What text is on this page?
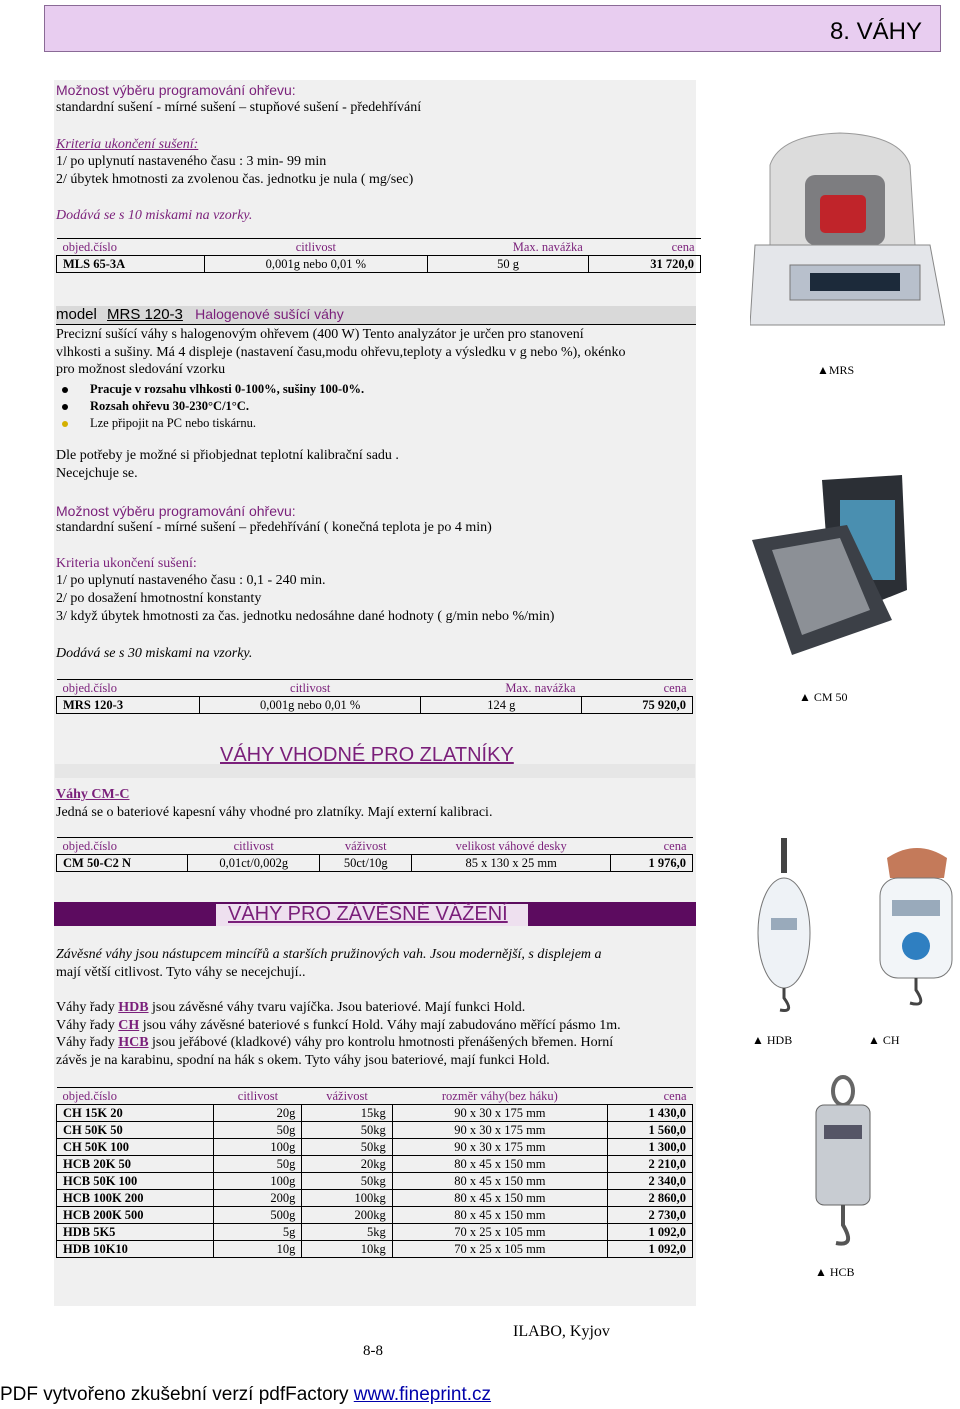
8. VÁHY
Možnost výběru programování ohřevu:
standardní sušení - mírné sušení – stupňové sušení - předehřívání
Kriteria ukončení sušení:
1/ po uplynutí nastaveného času : 3 min- 99 min
2/ úbytek hmotnosti za zvolenou čas. jednotku je nula ( mg/sec)
Dodává se s 10 miskami na vzorky.
objed.číslo	citlivost	Max. navážka	cena
MLS 65-3A	0,001g nebo 0,01 %	50 g	31 720,0
model MRS 120-3 Halogenové sušící váhy
Precizní sušící váhy s halogenovým ohřevem (400 W) Tento analyzátor je určen pro stanovení
vlhkosti a sušiny. Má 4 displeje (nastavení času,modu ohřevu,teploty a výsledku v g nebo %), okénko
pro možnost sledování vzorku
Pracuje v rozsahu vlhkosti 0-100%, sušiny 100-0%.
Rozsah ohřevu 30-230°C/1°C.
Lze připojit na PC nebo tiskárnu.
Dle potřeby je možné si přiobjednat teplotní kalibrační sadu .
Necejchuje se.
Možnost výběru programování ohřevu:
standardní sušení - mírné sušení – předehřívání ( konečná teplota je po 4 min)
Kriteria ukončení sušení:
1/ po uplynutí nastaveného času : 0,1 - 240 min.
2/ po dosažení hmotnostní konstanty
3/ když úbytek hmotnosti za čas. jednotku nedosáhne dané hodnoty ( g/min nebo %/min)
Dodává se s 30 miskami na vzorky.
objed.číslo	citlivost	Max. navážka	cena
MRS 120-3	0,001g nebo 0,01 %	124 g	75 920,0
VÁHY VHODNÉ PRO ZLATNÍKY
Váhy CM-C
Jedná se o bateriové kapesní váhy vhodné pro zlatníky. Mají externí kalibraci.
objed.číslo	citlivost	váživost	velikost váhové desky	cena
CM 50-C2 N	0,01ct/0,002g	50ct/10g	85 x 130 x 25 mm	1 976,0
VÁHY PRO ZÁVĚSNÉ VÁŽENÍ
Závěsné váhy jsou nástupcem mincířů a starších pružinových vah. Jsou modernější, s displejem a
mají větší citlivost. Tyto váhy se necejchují..
Váhy řady HDB jsou závěsné váhy tvaru vajíčka. Jsou bateriové. Mají funkci Hold.
Váhy řady CH jsou váhy závěsné bateriové s funkcí Hold. Váhy mají zabudováno měřící pásmo 1m.
Váhy řady HCB jsou jeřábové (kladkové) váhy pro kontrolu hmotnosti přenášených břemen. Horní
závěs je na karabinu, spodní na hák s okem. Tyto váhy jsou bateriové, mají funkci Hold.
objed.číslo	citlivost	váživost	rozměr váhy(bez háku)	cena
CH 15K 20	20g	15kg	90 x 30 x 175 mm	1 430,0
CH 50K 50	50g	50kg	90 x 30 x 175 mm	1 560,0
CH 50K 100	100g	50kg	90 x 30 x 175 mm	1 300,0
HCB 20K 50	50g	20kg	80 x 45 x 150 mm	2 210,0
HCB 50K 100	100g	50kg	80 x 45 x 150 mm	2 340,0
HCB 100K 200	200g	100kg	80 x 45 x 150 mm	2 860,0
HCB 200K 500	500g	200kg	80 x 45 x 150 mm	2 730,0
HDB 5K5	5g	5kg	70 x 25 x 105 mm	1 092,0
HDB 10K10	10g	10kg	70 x 25 x 105 mm	1 092,0
▲MRS
▲ CM 50
▲ HDB	▲ CH
▲ HCB
8-8
ILABO, Kyjov
PDF vytvořeno zkušební verzí pdfFactory www.fineprint.cz
